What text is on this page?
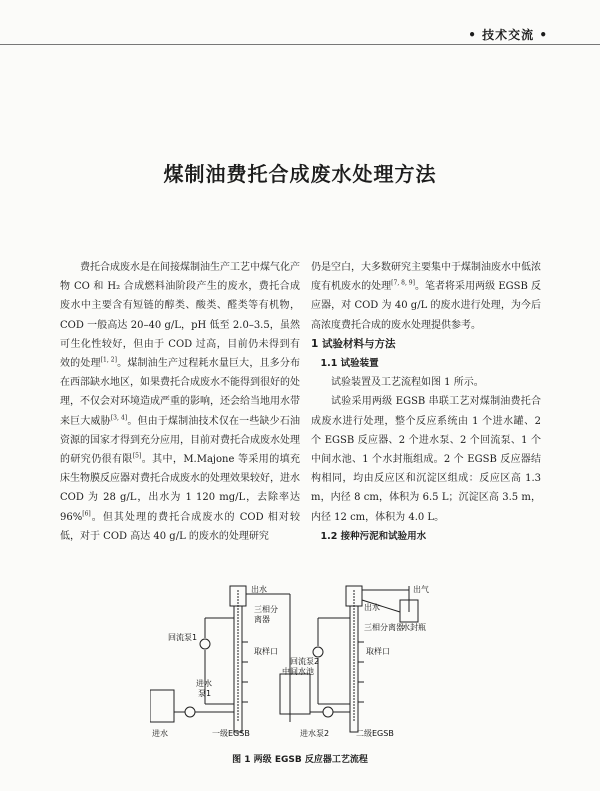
• 技术交流 •
煤制油费托合成废水处理方法

费托合成废水是在间接煤制油生产工艺中煤气化产物 CO 和 H₂ 合成燃料油阶段产生的废水，费托合成废水中主要含有短链的醇类、酸类、醛类等有机物，COD 一般高达 20–40 g/L，pH 低至 2.0–3.5，虽然可生化性较好，但由于 COD 过高，目前仍未得到有效的处理[1, 2]。煤制油生产过程耗水量巨大，且多分布在西部缺水地区，如果费托合成废水不能得到很好的处理，不仅会对环境造成严重的影响，还会给当地用水带来巨大威胁[3, 4]。但由于煤制油技术仅在一些缺少石油资源的国家才得到充分应用，目前对费托合成废水处理的研究仍很有限[5]。其中，M.Majone 等采用的填充床生物膜反应器对费托合成废水的处理效果较好，进水 COD 为 28 g/L，出水为 1 120 mg/L，去除率达 96%[6]。但其处理的费托合成废水的 COD 相对较低，对于 COD 高达 40 g/L 的废水的处理研究

仍是空白，大多数研究主要集中于煤制油废水中低浓度有机废水的处理[7, 8, 9]。笔者将采用两级 EGSB 反应器，对 COD 为 40 g/L 的废水进行处理，为今后高浓度费托合成的废水处理提供参考。

1 试验材料与方法

1.1 试验装置

试验装置及工艺流程如图 1 所示。

试验采用两级 EGSB 串联工艺对煤制油费托合成废水进行处理，整个反应系统由 1 个进水罐、2 个 EGSB 反应器、2 个进水泵、2 个回流泵、1 个中间水池、1 个水封瓶组成。2 个 EGSB 反应器结构相同，均由反应区和沉淀区组成：反应区高 1.3 m，内径 8 cm，体积为 6.5 L；沉淀区高 3.5 m，内径 12 cm，体积为 4.0 L。

1.2 接种污泥和试验用水

出气
出水
出水
水封瓶
三相分
离器
三相分离器
取样口	取样口
回流泵1
回流泵2
进水
泵1
中间水池
进水	一级EGSB	进水泵2	二级EGSB
图 1 两级 EGSB 反应器工艺流程
